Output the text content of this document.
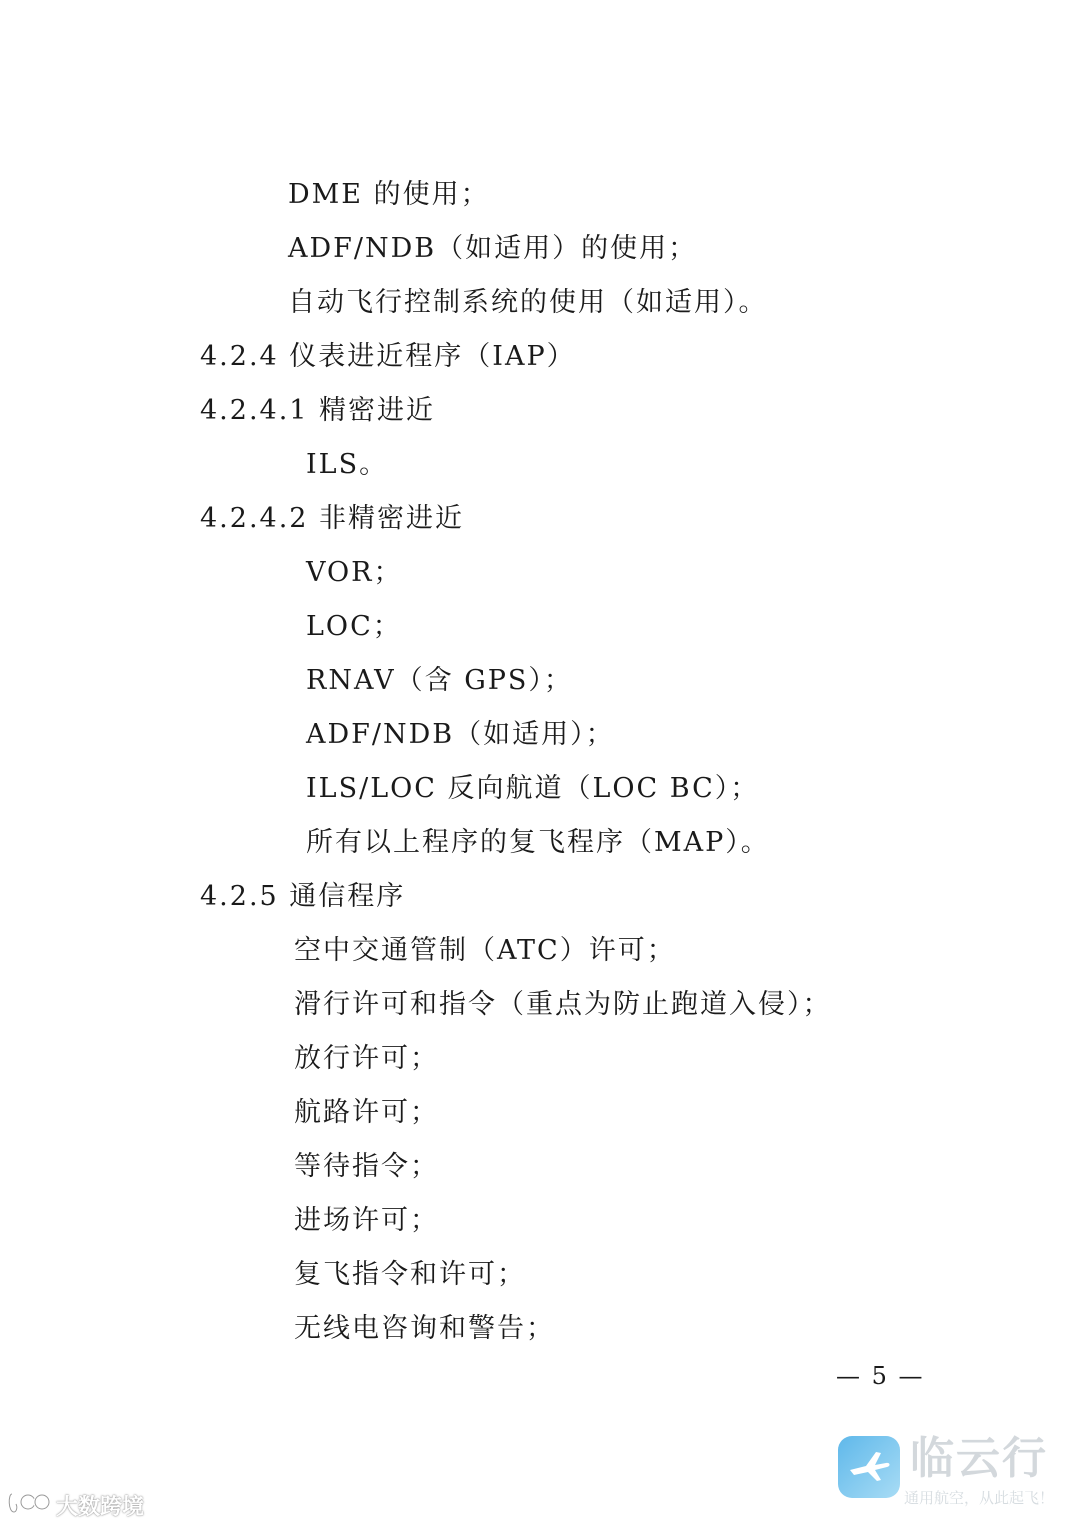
DME 的使用；
ADF/NDB（如适用）的使用；
自动飞行控制系统的使用（如适用）。
4.2.4 仪表进近程序（IAP）
4.2.4.1 精密进近
ILS。
4.2.4.2 非精密进近
VOR；
LOC；
RNAV（含 GPS）；
ADF/NDB（如适用）；
ILS/LOC 反向航道（LOC BC）；
所有以上程序的复飞程序（MAP）。
4.2.5 通信程序
空中交通管制（ATC）许可；
滑行许可和指令（重点为防止跑道入侵）；
放行许可；
航路许可；
等待指令；
进场许可；
复飞指令和许可；
无线电咨询和警告；
— 5 —
临云行
通用航空，从此起飞！
大数跨境
